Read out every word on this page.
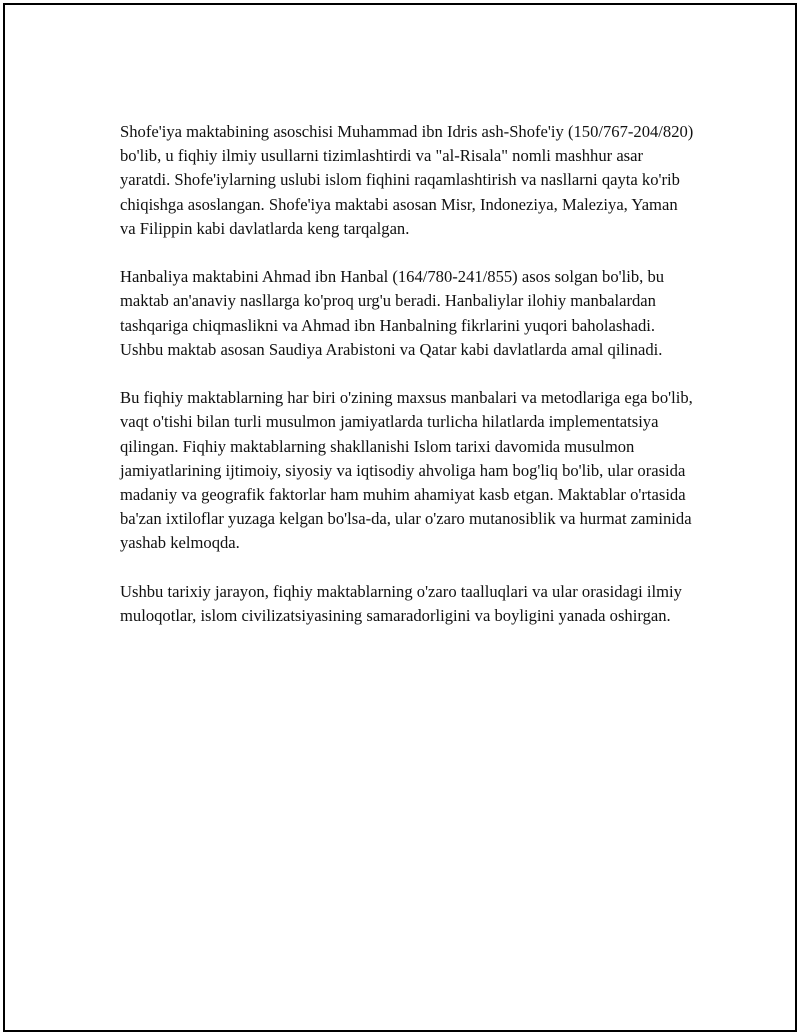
Shofe'iya maktabining asoschisi Muhammad ibn Idris ash-Shofe'iy (150/767-204/820) bo'lib, u fiqhiy ilmiy usullarni tizimlashtirdi va "al-Risala" nomli mashhur asar yaratdi. Shofe'iylarning uslubi islom fiqhini raqamlashtirish va nasllarni qayta ko'rib chiqishga asoslangan. Shofe'iya maktabi asosan Misr, Indoneziya, Maleziya, Yaman va Filippin kabi davlatlarda keng tarqalgan.

Hanbaliya maktabini Ahmad ibn Hanbal (164/780-241/855) asos solgan bo'lib, bu maktab an'anaviy nasllarga ko'proq urg'u beradi. Hanbaliylar ilohiy manbalardan tashqariga chiqmaslikni va Ahmad ibn Hanbalning fikrlarini yuqori baholashadi. Ushbu maktab asosan Saudiya Arabistoni va Qatar kabi davlatlarda amal qilinadi.

Bu fiqhiy maktablarning har biri o'zining maxsus manbalari va metodlariga ega bo'lib, vaqt o'tishi bilan turli musulmon jamiyatlarda turlicha hilatlarda implementatsiya qilingan. Fiqhiy maktablarning shakllanishi Islom tarixi davomida musulmon jamiyatlarining ijtimoiy, siyosiy va iqtisodiy ahvoliga ham bog'liq bo'lib, ular orasida madaniy va geografik faktorlar ham muhim ahamiyat kasb etgan. Maktablar o'rtasida ba'zan ixtiloflar yuzaga kelgan bo'lsa-da, ular o'zaro mutanosiblik va hurmat zaminida yashab kelmoqda.

Ushbu tarixiy jarayon, fiqhiy maktablarning o'zaro taalluqlari va ular orasidagi ilmiy muloqotlar, islom civilizatsiyasining samaradorligini va boyligini yanada oshirgan.
